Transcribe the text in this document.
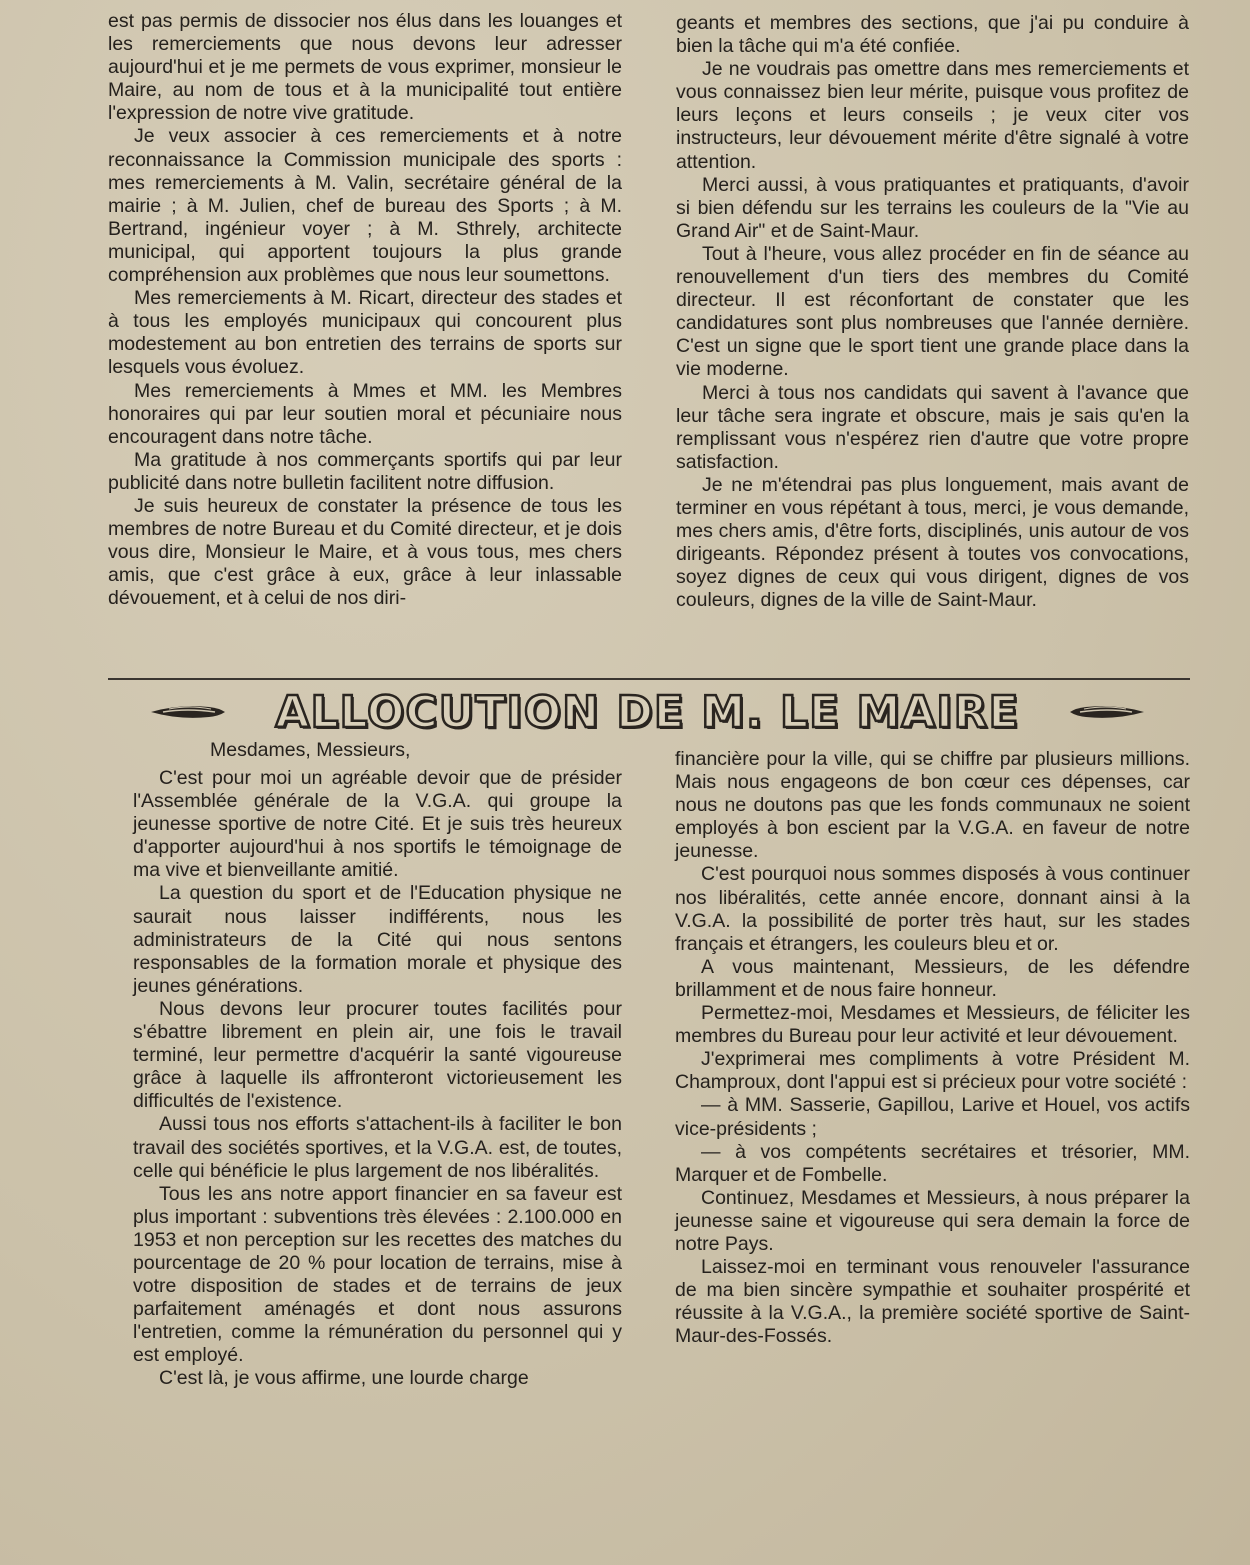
est pas permis de dissocier nos élus dans les louanges et les remerciements que nous devons leur adresser aujourd'hui et je me permets de vous exprimer, monsieur le Maire, au nom de tous et à la municipalité tout entière l'expression de notre vive gratitude.

Je veux associer à ces remerciements et à notre reconnaissance la Commission municipale des sports : mes remerciements à M. Valin, secrétaire général de la mairie ; à M. Julien, chef de bureau des Sports ; à M. Bertrand, ingénieur voyer ; à M. Sthrely, architecte municipal, qui apportent toujours la plus grande compréhension aux problèmes que nous leur soumettons.

Mes remerciements à M. Ricart, directeur des stades et à tous les employés municipaux qui concourent plus modestement au bon entretien des terrains de sports sur lesquels vous évoluez.

Mes remerciements à Mmes et MM. les Membres honoraires qui par leur soutien moral et pécuniaire nous encouragent dans notre tâche.

Ma gratitude à nos commerçants sportifs qui par leur publicité dans notre bulletin facilitent notre diffusion.

Je suis heureux de constater la présence de tous les membres de notre Bureau et du Comité directeur, et je dois vous dire, Monsieur le Maire, et à vous tous, mes chers amis, que c'est grâce à eux, grâce à leur inlassable dévouement, et à celui de nos diri-

geants et membres des sections, que j'ai pu conduire à bien la tâche qui m'a été confiée.

Je ne voudrais pas omettre dans mes remerciements et vous connaissez bien leur mérite, puisque vous profitez de leurs leçons et leurs conseils ; je veux citer vos instructeurs, leur dévouement mérite d'être signalé à votre attention.

Merci aussi, à vous pratiquantes et pratiquants, d'avoir si bien défendu sur les terrains les couleurs de la "Vie au Grand Air" et de Saint-Maur.

Tout à l'heure, vous allez procéder en fin de séance au renouvellement d'un tiers des membres du Comité directeur. Il est réconfortant de constater que les candidatures sont plus nombreuses que l'année dernière. C'est un signe que le sport tient une grande place dans la vie moderne.

Merci à tous nos candidats qui savent à l'avance que leur tâche sera ingrate et obscure, mais je sais qu'en la remplissant vous n'espérez rien d'autre que votre propre satisfaction.

Je ne m'étendrai pas plus longuement, mais avant de terminer en vous répétant à tous, merci, je vous demande, mes chers amis, d'être forts, disciplinés, unis autour de vos dirigeants. Répondez présent à toutes vos convocations, soyez dignes de ceux qui vous dirigent, dignes de vos couleurs, dignes de la ville de Saint-Maur.

ALLOCUTION DE M. LE MAIRE
Mesdames, Messieurs,

C'est pour moi un agréable devoir que de présider l'Assemblée générale de la V.G.A. qui groupe la jeunesse sportive de notre Cité. Et je suis très heureux d'apporter aujourd'hui à nos sportifs le témoignage de ma vive et bienveillante amitié.

La question du sport et de l'Education physique ne saurait nous laisser indifférents, nous les administrateurs de la Cité qui nous sentons responsables de la formation morale et physique des jeunes générations.

Nous devons leur procurer toutes facilités pour s'ébattre librement en plein air, une fois le travail terminé, leur permettre d'acquérir la santé vigoureuse grâce à laquelle ils affronteront victorieusement les difficultés de l'existence.

Aussi tous nos efforts s'attachent-ils à faciliter le bon travail des sociétés sportives, et la V.G.A. est, de toutes, celle qui bénéficie le plus largement de nos libéralités.

Tous les ans notre apport financier en sa faveur est plus important : subventions très élevées : 2.100.000 en 1953 et non perception sur les recettes des matches du pourcentage de 20 % pour location de terrains, mise à votre disposition de stades et de terrains de jeux parfaitement aménagés et dont nous assurons l'entretien, comme la rémunération du personnel qui y est employé.

C'est là, je vous affirme, une lourde charge

financière pour la ville, qui se chiffre par plusieurs millions. Mais nous engageons de bon cœur ces dépenses, car nous ne doutons pas que les fonds communaux ne soient employés à bon escient par la V.G.A. en faveur de notre jeunesse.

C'est pourquoi nous sommes disposés à vous continuer nos libéralités, cette année encore, donnant ainsi à la V.G.A. la possibilité de porter très haut, sur les stades français et étrangers, les couleurs bleu et or.

A vous maintenant, Messieurs, de les défendre brillamment et de nous faire honneur.

Permettez-moi, Mesdames et Messieurs, de féliciter les membres du Bureau pour leur activité et leur dévouement.

J'exprimerai mes compliments à votre Président M. Champroux, dont l'appui est si précieux pour votre société :

— à MM. Sasserie, Gapillou, Larive et Houel, vos actifs vice-présidents ;

— à vos compétents secrétaires et trésorier, MM. Marquer et de Fombelle.

Continuez, Mesdames et Messieurs, à nous préparer la jeunesse saine et vigoureuse qui sera demain la force de notre Pays.

Laissez-moi en terminant vous renouveler l'assurance de ma bien sincère sympathie et souhaiter prospérité et réussite à la V.G.A., la première société sportive de Saint-Maur-des-Fossés.
